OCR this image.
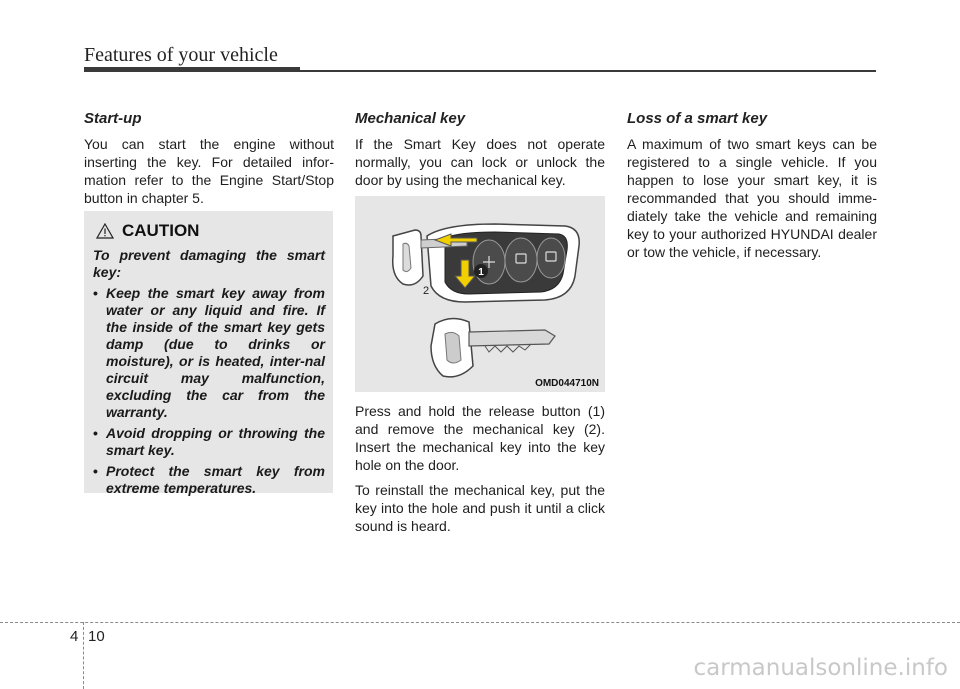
Features of your vehicle
Start-up

You can start the engine without inserting the key. For detailed infor-mation refer to the Engine Start/Stop button in chapter 5.

CAUTION
To prevent damaging the smart key:
• Keep the smart key away from water or any liquid and fire. If the inside of the smart key gets damp (due to drinks or moisture), or is heated, inter-nal circuit may malfunction, excluding the car from the warranty.
• Avoid dropping or throwing the smart key.
• Protect the smart key from extreme temperatures.
Mechanical key

If the Smart Key does not operate normally, you can lock or unlock the door by using the mechanical key.

1
2
OMD044710N

Press and hold the release button (1) and remove the mechanical key (2). Insert the mechanical key into the key hole on the door.

To reinstall the mechanical key, put the key into the hole and push it until a click sound is heard.

Loss of a smart key

A maximum of two smart keys can be registered to a single vehicle. If you happen to lose your smart key, it is recommanded that you should imme-diately take the vehicle and remaining key to your authorized HYUNDAI dealer or tow the vehicle, if necessary.

4 10
carmanualsonline.info
